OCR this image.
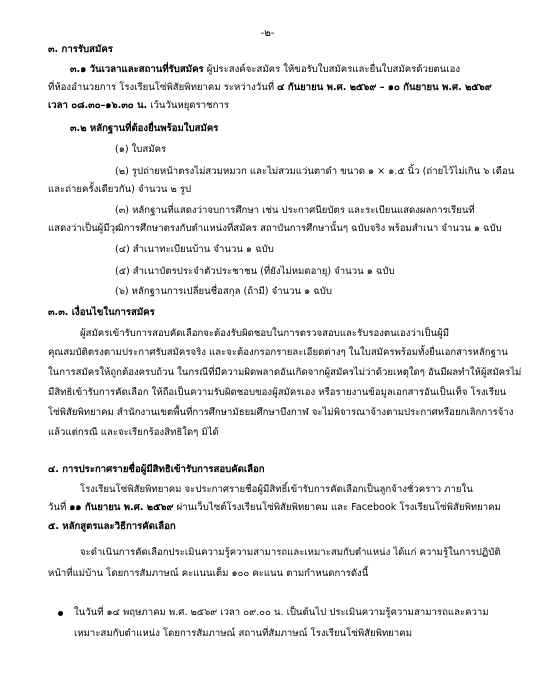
-๒-
๓. การรับสมัคร
๓.๑ วันเวลาและสถานที่รับสมัคร ผู้ประสงค์จะสมัคร ให้ขอรับใบสมัครและยื่นใบสมัครด้วยตนเอง
ที่ห้องอำนวยการ โรงเรียนโซ่พิสัยพิทยาคม ระหว่างวันที่ ๔ กันยายน พ.ศ. ๒๕๖๙ – ๑๐ กันยายน พ.ศ. ๒๕๖๙
เวลา ๐๘.๓๐–๑๖.๓๐ น. เว้นวันหยุดราชการ
๓.๒ หลักฐานที่ต้องยื่นพร้อมใบสมัคร
(๑) ใบสมัคร
(๒) รูปถ่ายหน้าตรงไม่สวมหมวก และไม่สวมแว่นตาดำ ขนาด ๑ × ๑.๕ นิ้ว (ถ่ายไว้ไม่เกิน ๖ เดือน
และถ่ายครั้งเดียวกัน) จำนวน ๒ รูป
(๓) หลักฐานที่แสดงว่าจบการศึกษา เช่น ประกาศนียบัตร และระเบียนแสดงผลการเรียนที่
แสดงว่าเป็นผู้มีวุฒิการศึกษาตรงกับตำแหน่งที่สมัคร สถาบันการศึกษานั้นๆ ฉบับจริง พร้อมสำเนา จำนวน ๑ ฉบับ
(๔) สำเนาทะเบียนบ้าน จำนวน ๑ ฉบับ
(๕) สำเนาบัตรประจำตัวประชาชน (ที่ยังไม่หมดอายุ) จำนวน ๑ ฉบับ
(๖) หลักฐานการเปลี่ยนชื่อสกุล (ถ้ามี) จำนวน ๑ ฉบับ
๓.๓. เงื่อนไขในการสมัคร
ผู้สมัครเข้ารับการสอบคัดเลือกจะต้องรับผิดชอบในการตรวจสอบและรับรองตนเองว่าเป็นผู้มี
คุณสมบัติตรงตามประกาศรับสมัครจริง และจะต้องกรอกรายละเอียดต่างๆ ในใบสมัครพร้อมทั้งยื่นเอกสารหลักฐาน
ในการสมัครให้ถูกต้องครบถ้วน ในกรณีที่มีความผิดพลาดอันเกิดจากผู้สมัครไม่ว่าด้วยเหตุใดๆ อันมีผลทำให้ผู้สมัครไม่
มีสิทธิเข้ารับการคัดเลือก ให้ถือเป็นความรับผิดชอบของผู้สมัครเอง หรือรายงานข้อมูลเอกสารอันเป็นเท็จ โรงเรียน
โซ่พิสัยพิทยาคม สำนักงานเขตพื้นที่การศึกษามัธยมศึกษาบึงกาฬ จะไม่พิจารณาจ้างตามประกาศหรือยกเลิกการจ้าง
แล้วแต่กรณี และจะเรียกร้องสิทธิใดๆ มิได้
๔. การประกาศรายชื่อผู้มีสิทธิเข้ารับการสอบคัดเลือก
โรงเรียนโซ่พิสัยพิทยาคม จะประกาศรายชื่อผู้มีสิทธิ์เข้ารับการคัดเลือกเป็นลูกจ้างชั่วคราว ภายใน
วันที่ ๑๑ กันยายน พ.ศ. ๒๕๖๙ ผ่านเว็บไซต์โรงเรียนโซ่พิสัยพิทยาคม และ Facebook โรงเรียนโซ่พิสัยพิทยาคม
๕. หลักสูตรและวิธีการคัดเลือก
จะดำเนินการคัดเลือกประเมินความรู้ความสามารถและเหมาะสมกับตำแหน่ง ได้แก่ ความรู้ในการปฏิบัติ
หน้าที่แม่บ้าน โดยการสัมภาษณ์ คะแนนเต็ม ๑๐๐ คะแนน ตามกำหนดการดังนี้
ในวันที่ ๑๔ พฤษภาคม พ.ศ. ๒๕๖๙ เวลา ๐๙.๐๐ น. เป็นต้นไป ประเมินความรู้ความสามารถและความ
เหมาะสมกับตำแหน่ง โดยการสัมภาษณ์ สถานที่สัมภาษณ์ โรงเรียนโซ่พิสัยพิทยาคม
